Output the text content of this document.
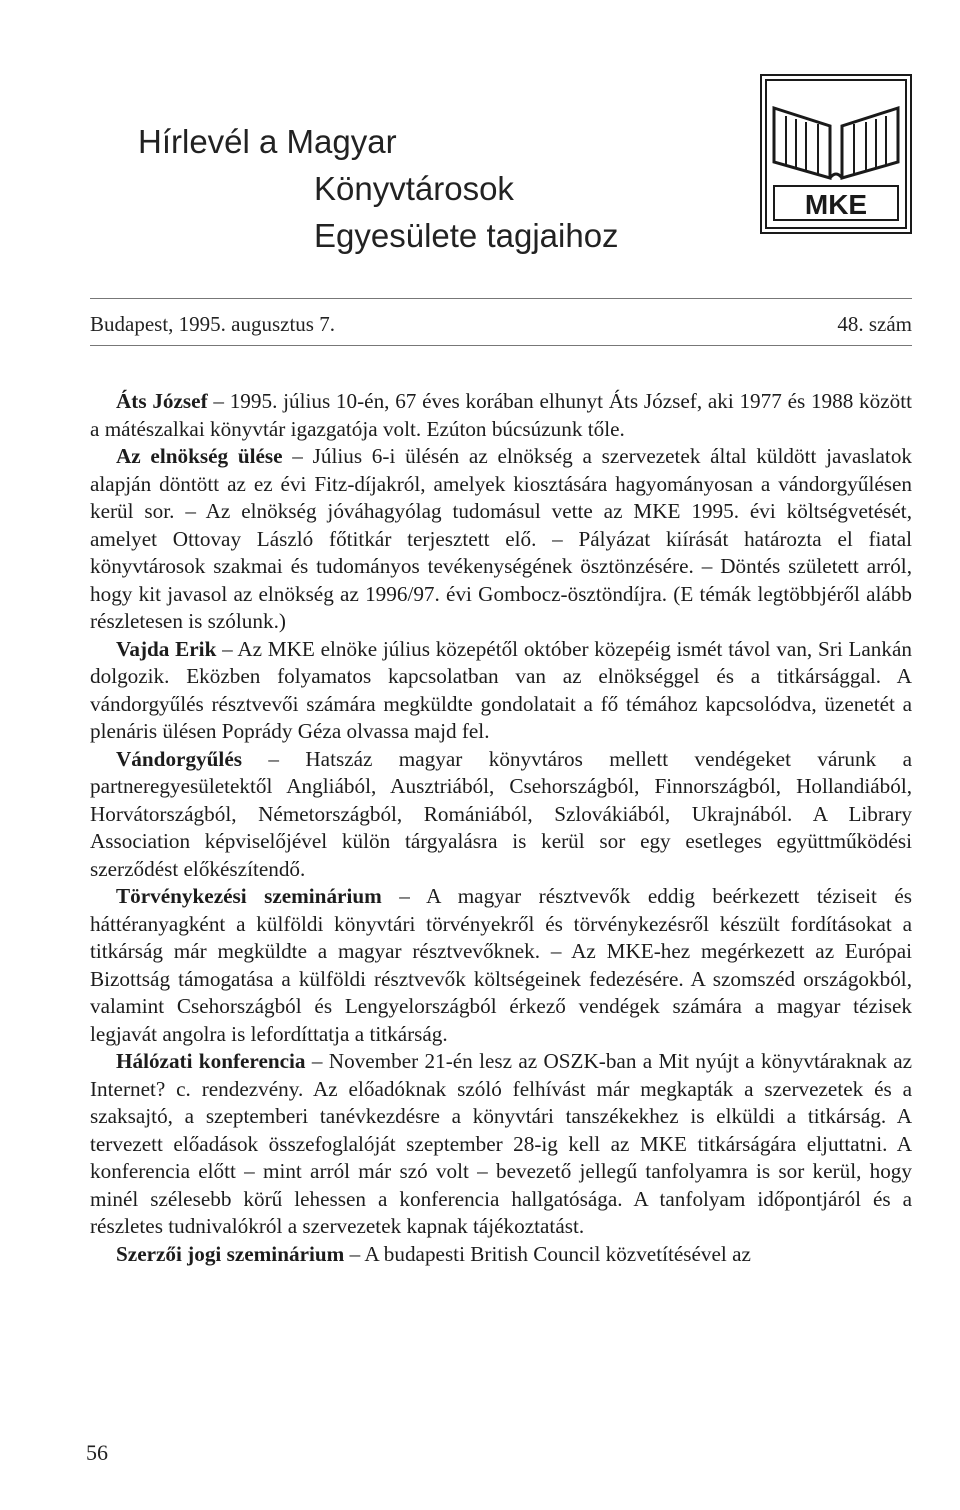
Hírlevél a Magyar
Könyvtárosok
Egyesülete tagjaihoz
MKE
Budapest, 1995. augusztus 7.	48. szám

Áts József – 1995. július 10-én, 67 éves korában elhunyt Áts József, aki 1977 és 1988 között a mátészalkai könyvtár igazgatója volt. Ezúton búcsúzunk tőle.

Az elnökség ülése – Július 6-i ülésén az elnökség a szervezetek által küldött javaslatok alapján döntött az ez évi Fitz-díjakról, amelyek kiosztására hagyományosan a vándorgyűlésen kerül sor. – Az elnökség jóváhagyólag tudomásul vette az MKE 1995. évi költségvetését, amelyet Ottovay László főtitkár terjesztett elő. – Pályázat kiírását határozta el fiatal könyvtárosok szakmai és tudományos tevékenységének ösztönzésére. – Döntés született arról, hogy kit javasol az elnökség az 1996/97. évi Gombocz-ösztöndíjra. (E témák legtöbbjéről alább részletesen is szólunk.)

Vajda Erik – Az MKE elnöke július közepétől október közepéig ismét távol van, Sri Lankán dolgozik. Eközben folyamatos kapcsolatban van az elnökséggel és a titkársággal. A vándorgyűlés résztvevői számára megküldte gondolatait a fő témához kapcsolódva, üzenetét a plenáris ülésen Poprády Géza olvassa majd fel.

Vándorgyűlés – Hatszáz magyar könyvtáros mellett vendégeket várunk a partneregyesületektől Angliából, Ausztriából, Csehországból, Finnországból, Hollandiából, Horvátországból, Németországból, Romániából, Szlovákiából, Ukrajnából. A Library Association képviselőjével külön tárgyalásra is kerül sor egy esetleges együttműködési szerződést előkészítendő.

Törvénykezési szeminárium – A magyar résztvevők eddig beérkezett téziseit és háttéranyagként a külföldi könyvtári törvényekről és törvénykezésről készült fordításokat a titkárság már megküldte a magyar résztvevőknek. – Az MKE-hez megérkezett az Európai Bizottság támogatása a külföldi résztvevők költségeinek fedezésére. A szomszéd országokból, valamint Csehországból és Lengyelországból érkező vendégek számára a magyar tézisek legjavát angolra is lefordíttatja a titkárság.

Hálózati konferencia – November 21-én lesz az OSZK-ban a Mit nyújt a könyvtáraknak az Internet? c. rendezvény. Az előadóknak szóló felhívást már megkapták a szervezetek és a szaksajtó, a szeptemberi tanévkezdésre a könyvtári tanszékekhez is elküldi a titkárság. A tervezett előadások összefoglalóját szeptember 28-ig kell az MKE titkárságára eljuttatni. A konferencia előtt – mint arról már szó volt – bevezető jellegű tanfolyamra is sor kerül, hogy minél szélesebb körű lehessen a konferencia hallgatósága. A tanfolyam időpontjáról és a részletes tudnivalókról a szervezetek kapnak tájékoztatást.

Szerzői jogi szeminárium – A budapesti British Council közvetítésével az

56
